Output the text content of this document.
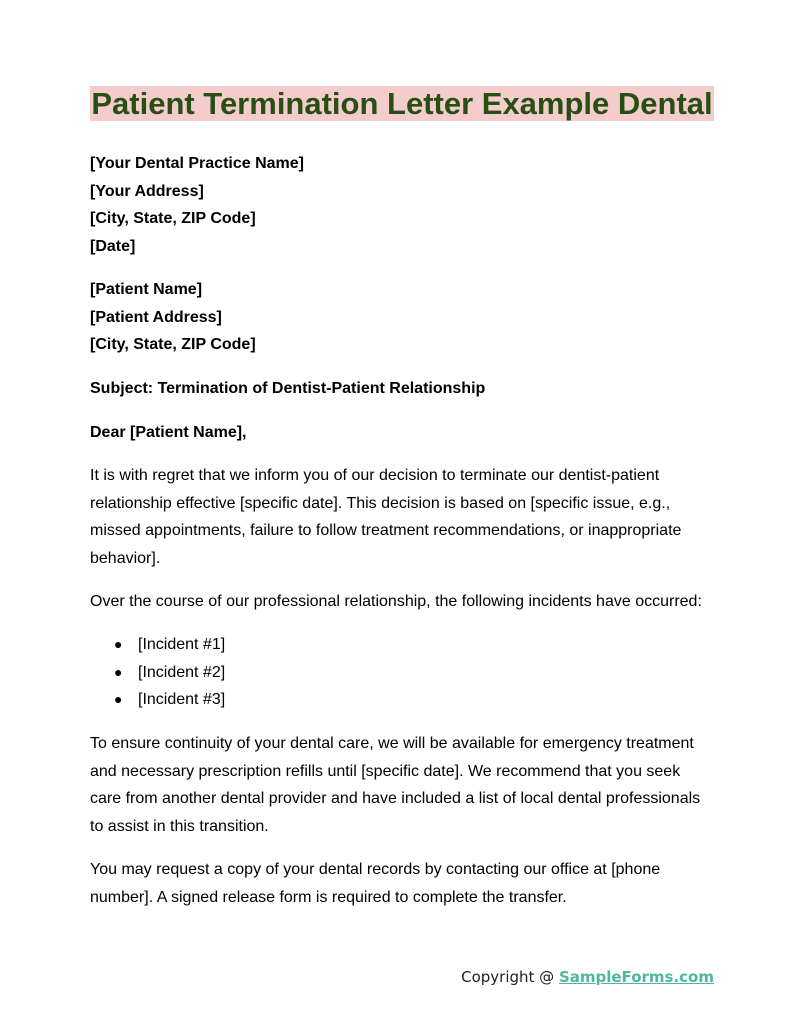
Patient Termination Letter Example Dental
[Your Dental Practice Name]
[Your Address]
[City, State, ZIP Code]
[Date]
[Patient Name]
[Patient Address]
[City, State, ZIP Code]
Subject: Termination of Dentist-Patient Relationship
Dear [Patient Name],
It is with regret that we inform you of our decision to terminate our dentist-patient relationship effective [specific date]. This decision is based on [specific issue, e.g., missed appointments, failure to follow treatment recommendations, or inappropriate behavior].
Over the course of our professional relationship, the following incidents have occurred:
● [Incident #1]
● [Incident #2]
● [Incident #3]
To ensure continuity of your dental care, we will be available for emergency treatment and necessary prescription refills until [specific date]. We recommend that you seek care from another dental provider and have included a list of local dental professionals to assist in this transition.
You may request a copy of your dental records by contacting our office at [phone number]. A signed release form is required to complete the transfer.
Copyright @ SampleForms.com
